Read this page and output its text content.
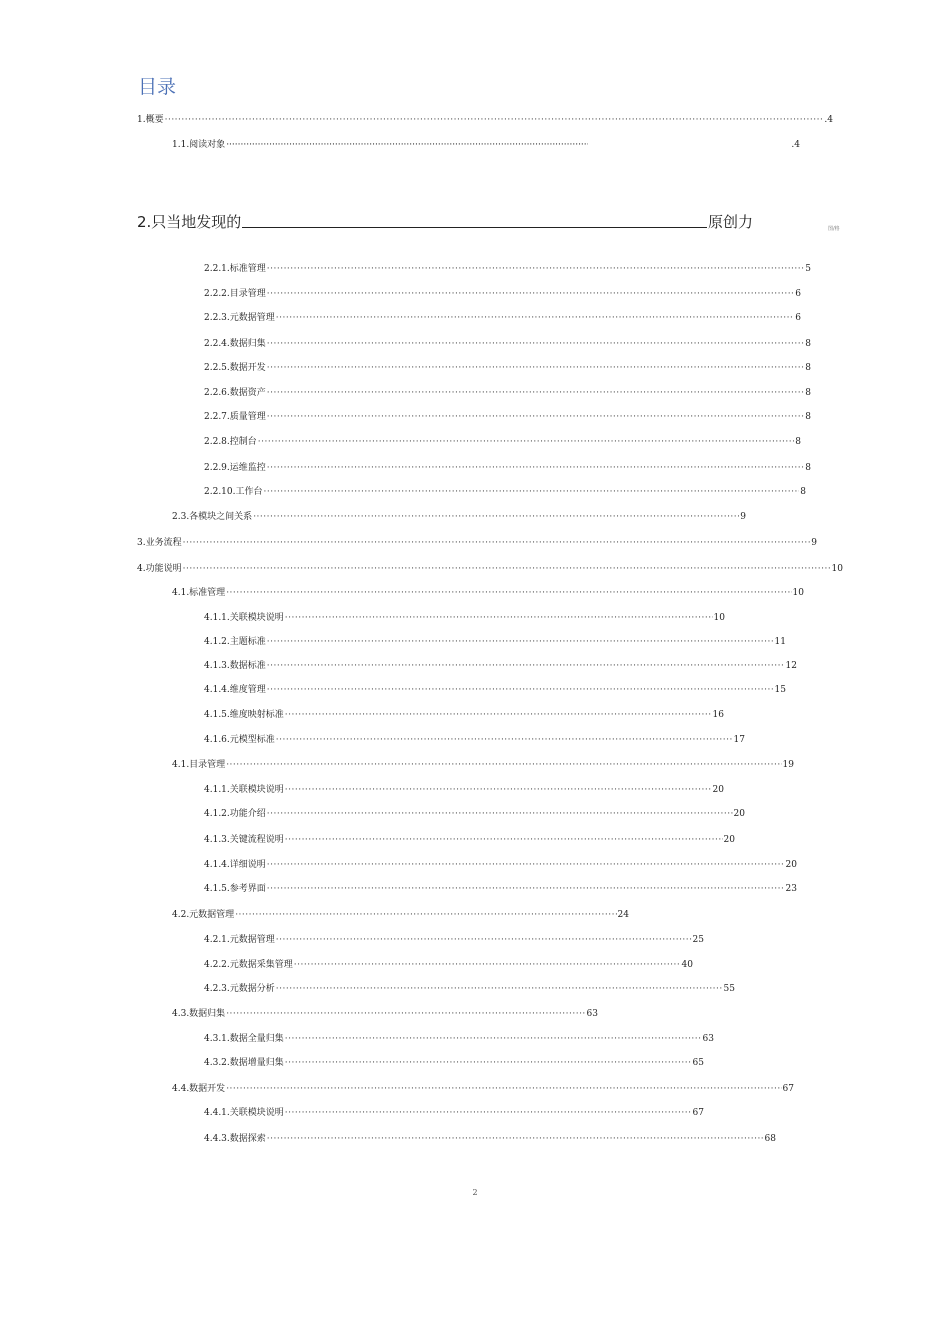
目录
1.概要 ·····	.4
1.1.阅读对象 ·····	.4
2.只当地发现的	原创力	图/格
2.2.1.标准管理 ·····	5
2.2.2.目录管理 ·····	6
2.2.3.元数据管理 ·····	6
2.2.4.数据归集 ·····	8
2.2.5.数据开发 ·····	8
2.2.6.数据资产 ·····	8
2.2.7.质量管理 ·····	8
2.2.8.控制台 ·····	8
2.2.9.运维监控 ·····	8
2.2.10.工作台 ·····	8
2.3.各模块之间关系 ·····	9
3.业务流程 ·····	9
4.功能说明 ·····	10
4.1.标准管理 ·····	10
4.1.1.关联模块说明 ·····	10
4.1.2.主题标准 ·····	11
4.1.3.数据标准 ·····	12
4.1.4.维度管理 ·····	15
4.1.5.维度映射标准 ·····	16
4.1.6.元模型标准 ·····	17
4.1.目录管理 ·····	19
4.1.1.关联模块说明 ·····	20
4.1.2.功能介绍 ·····	20
4.1.3.关键流程说明 ·····	20
4.1.4.详细说明 ·····	20
4.1.5.参考界面 ·····	23
4.2.元数据管理 ·····	24
4.2.1.元数据管理 ·····	25
4.2.2.元数据采集管理 ·····	40
4.2.3.元数据分析 ·····	55
4.3.数据归集 ·····	63
4.3.1.数据全量归集 ·····	63
4.3.2.数据增量归集 ·····	65
4.4.数据开发 ·····	67
4.4.1.关联模块说明 ·····	67
4.4.3.数据探索 ·····	68
2
